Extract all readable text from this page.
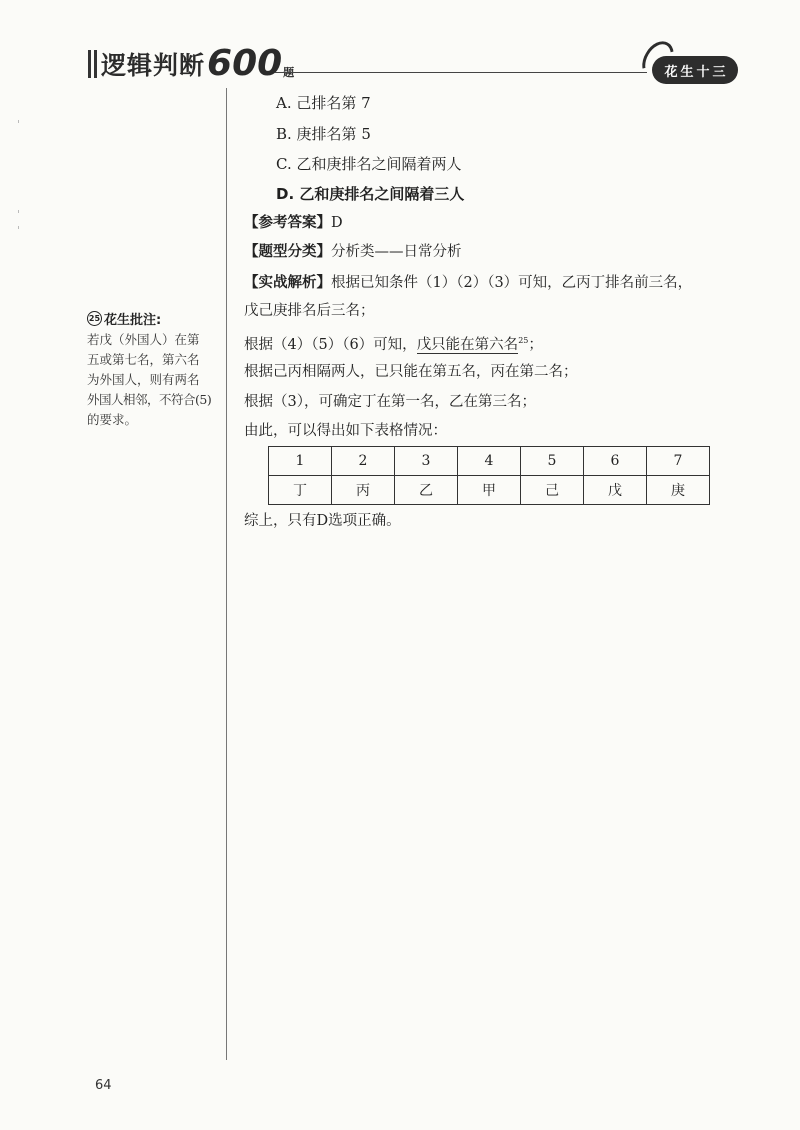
逻辑判断 600 题	花 生 十 三
25 花生批注:
若戊（外国人）在第
五或第七名，第六名
为外国人，则有两名
外国人相邻，不符合(5)
的要求。
A. 己排名第 7
B. 庚排名第 5
C. 乙和庚排名之间隔着两人
D. 乙和庚排名之间隔着三人
【参考答案】D
【题型分类】分析类——日常分析
【实战解析】根据已知条件（1）（2）（3）可知，乙丙丁排名前三名，
戊己庚排名后三名；
根据（4）（5）（6）可知，戊只能在第六名$^{25}$；
根据己丙相隔两人，已只能在第五名，丙在第二名；
根据（3），可确定丁在第一名，乙在第三名；
由此，可以得出如下表格情况：
1	2	3	4	5	6	7
丁	丙	乙	甲	己	戊	庚
综上，只有D选项正确。
64
